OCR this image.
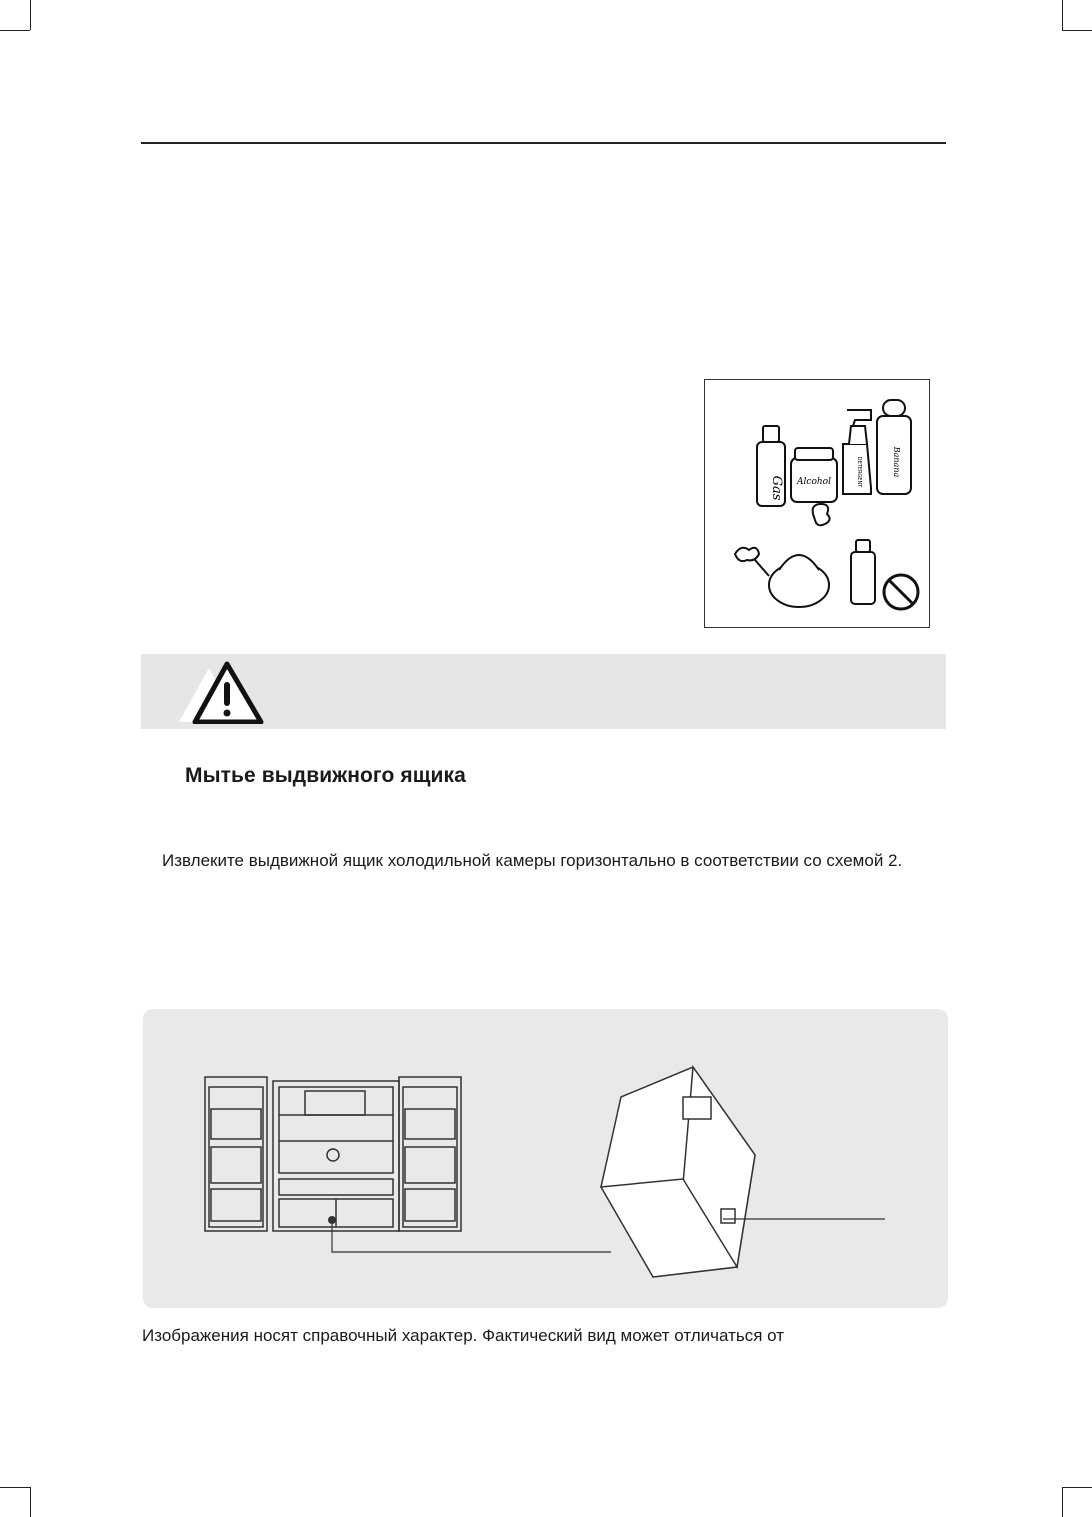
Gas Alcohol	DETERGENT	Banana
Мытье выдвижного ящика
Извлеките выдвижной ящик холодильной камеры горизонтально в соответствии со схемой 2.
Изображения носят справочный характер. Фактический вид может отличаться от
